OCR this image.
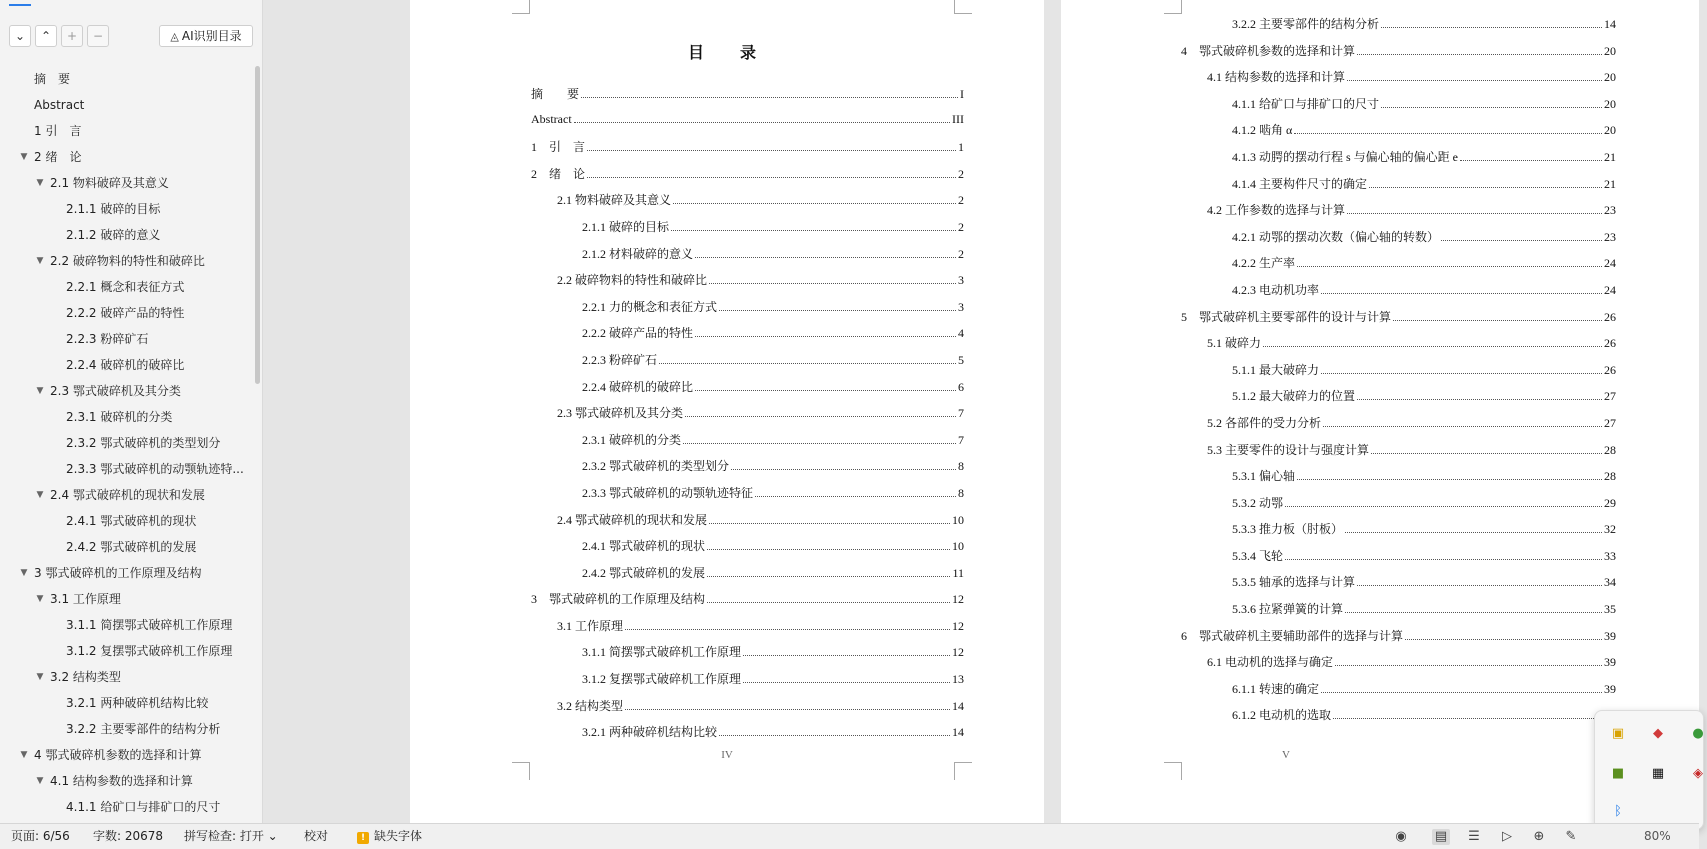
⌄	⌃	+	−	◬ AI识别目录
摘　要
Abstract
1 引　言
▼ 2 绪　论
▼ 2.1 物料破碎及其意义
2.1.1 破碎的目标
2.1.2 破碎的意义
▼ 2.2 破碎物料的特性和破碎比
2.2.1 概念和表征方式
2.2.2 破碎产品的特性
2.2.3 粉碎矿石
2.2.4 破碎机的破碎比
▼ 2.3 鄂式破碎机及其分类
2.3.1 破碎机的分类
2.3.2 鄂式破碎机的类型划分
2.3.3 鄂式破碎机的动颚轨迹特...
▼ 2.4 鄂式破碎机的现状和发展
2.4.1 鄂式破碎机的现状
2.4.2 鄂式破碎机的发展
▼ 3 鄂式破碎机的工作原理及结构
▼ 3.1 工作原理
3.1.1 简摆鄂式破碎机工作原理
3.1.2 复摆鄂式破碎机工作原理
▼ 3.2 结构类型
3.2.1 两种破碎机结构比较
3.2.2 主要零部件的结构分析
▼ 4 鄂式破碎机参数的选择和计算
▼ 4.1 结构参数的选择和计算
4.1.1 给矿口与排矿口的尺寸
目　录
摘　　要	I
Abstract	III
1　引　言	1
2　绪　论	2
2.1 物料破碎及其意义	2
2.1.1 破碎的目标	2
2.1.2 材料破碎的意义	2
2.2 破碎物料的特性和破碎比	3
2.2.1 力的概念和表征方式	3
2.2.2 破碎产品的特性	4
2.2.3 粉碎矿石	5
2.2.4 破碎机的破碎比	6
2.3 鄂式破碎机及其分类	7
2.3.1 破碎机的分类	7
2.3.2 鄂式破碎机的类型划分	8
2.3.3 鄂式破碎机的动颚轨迹特征	8
2.4 鄂式破碎机的现状和发展	10
2.4.1 鄂式破碎机的现状	10
2.4.2 鄂式破碎机的发展	11
3　鄂式破碎机的工作原理及结构	12
3.1 工作原理	12
3.1.1 简摆鄂式破碎机工作原理	12
3.1.2 复摆鄂式破碎机工作原理	13
3.2 结构类型	14
3.2.1 两种破碎机结构比较	14
IV
3.2.2 主要零部件的结构分析	14
4　鄂式破碎机参数的选择和计算	20
4.1 结构参数的选择和计算	20
4.1.1 给矿口与排矿口的尺寸	20
4.1.2 啮角 α	20
4.1.3 动腭的摆动行程 s 与偏心轴的偏心距 e	21
4.1.4 主要构件尺寸的确定	21
4.2 工作参数的选择与计算	23
4.2.1 动鄂的摆动次数（偏心轴的转数）	23
4.2.2 生产率	24
4.2.3 电动机功率	24
5　鄂式破碎机主要零部件的设计与计算	26
5.1 破碎力	26
5.1.1 最大破碎力	26
5.1.2 最大破碎力的位置	27
5.2 各部件的受力分析	27
5.3 主要零件的设计与强度计算	28
5.3.1 偏心轴	28
5.3.2 动鄂	29
5.3.3 推力板（肘板）	32
5.3.4 飞轮	33
5.3.5 轴承的选择与计算	34
5.3.6 拉紧弹簧的计算	35
6　鄂式破碎机主要辅助部件的选择与计算	39
6.1 电动机的选择与确定	39
6.1.1 转速的确定	39
6.1.2 电动机的选取
V
▣	◆	●
■ ▦	◈
ᛒ
页面: 6/56 字数: 20678 拼写检查: 打开 ⌄ 校对	! 缺失字体	◉ ▤ ☰	▷	⊕ ✎	80%
